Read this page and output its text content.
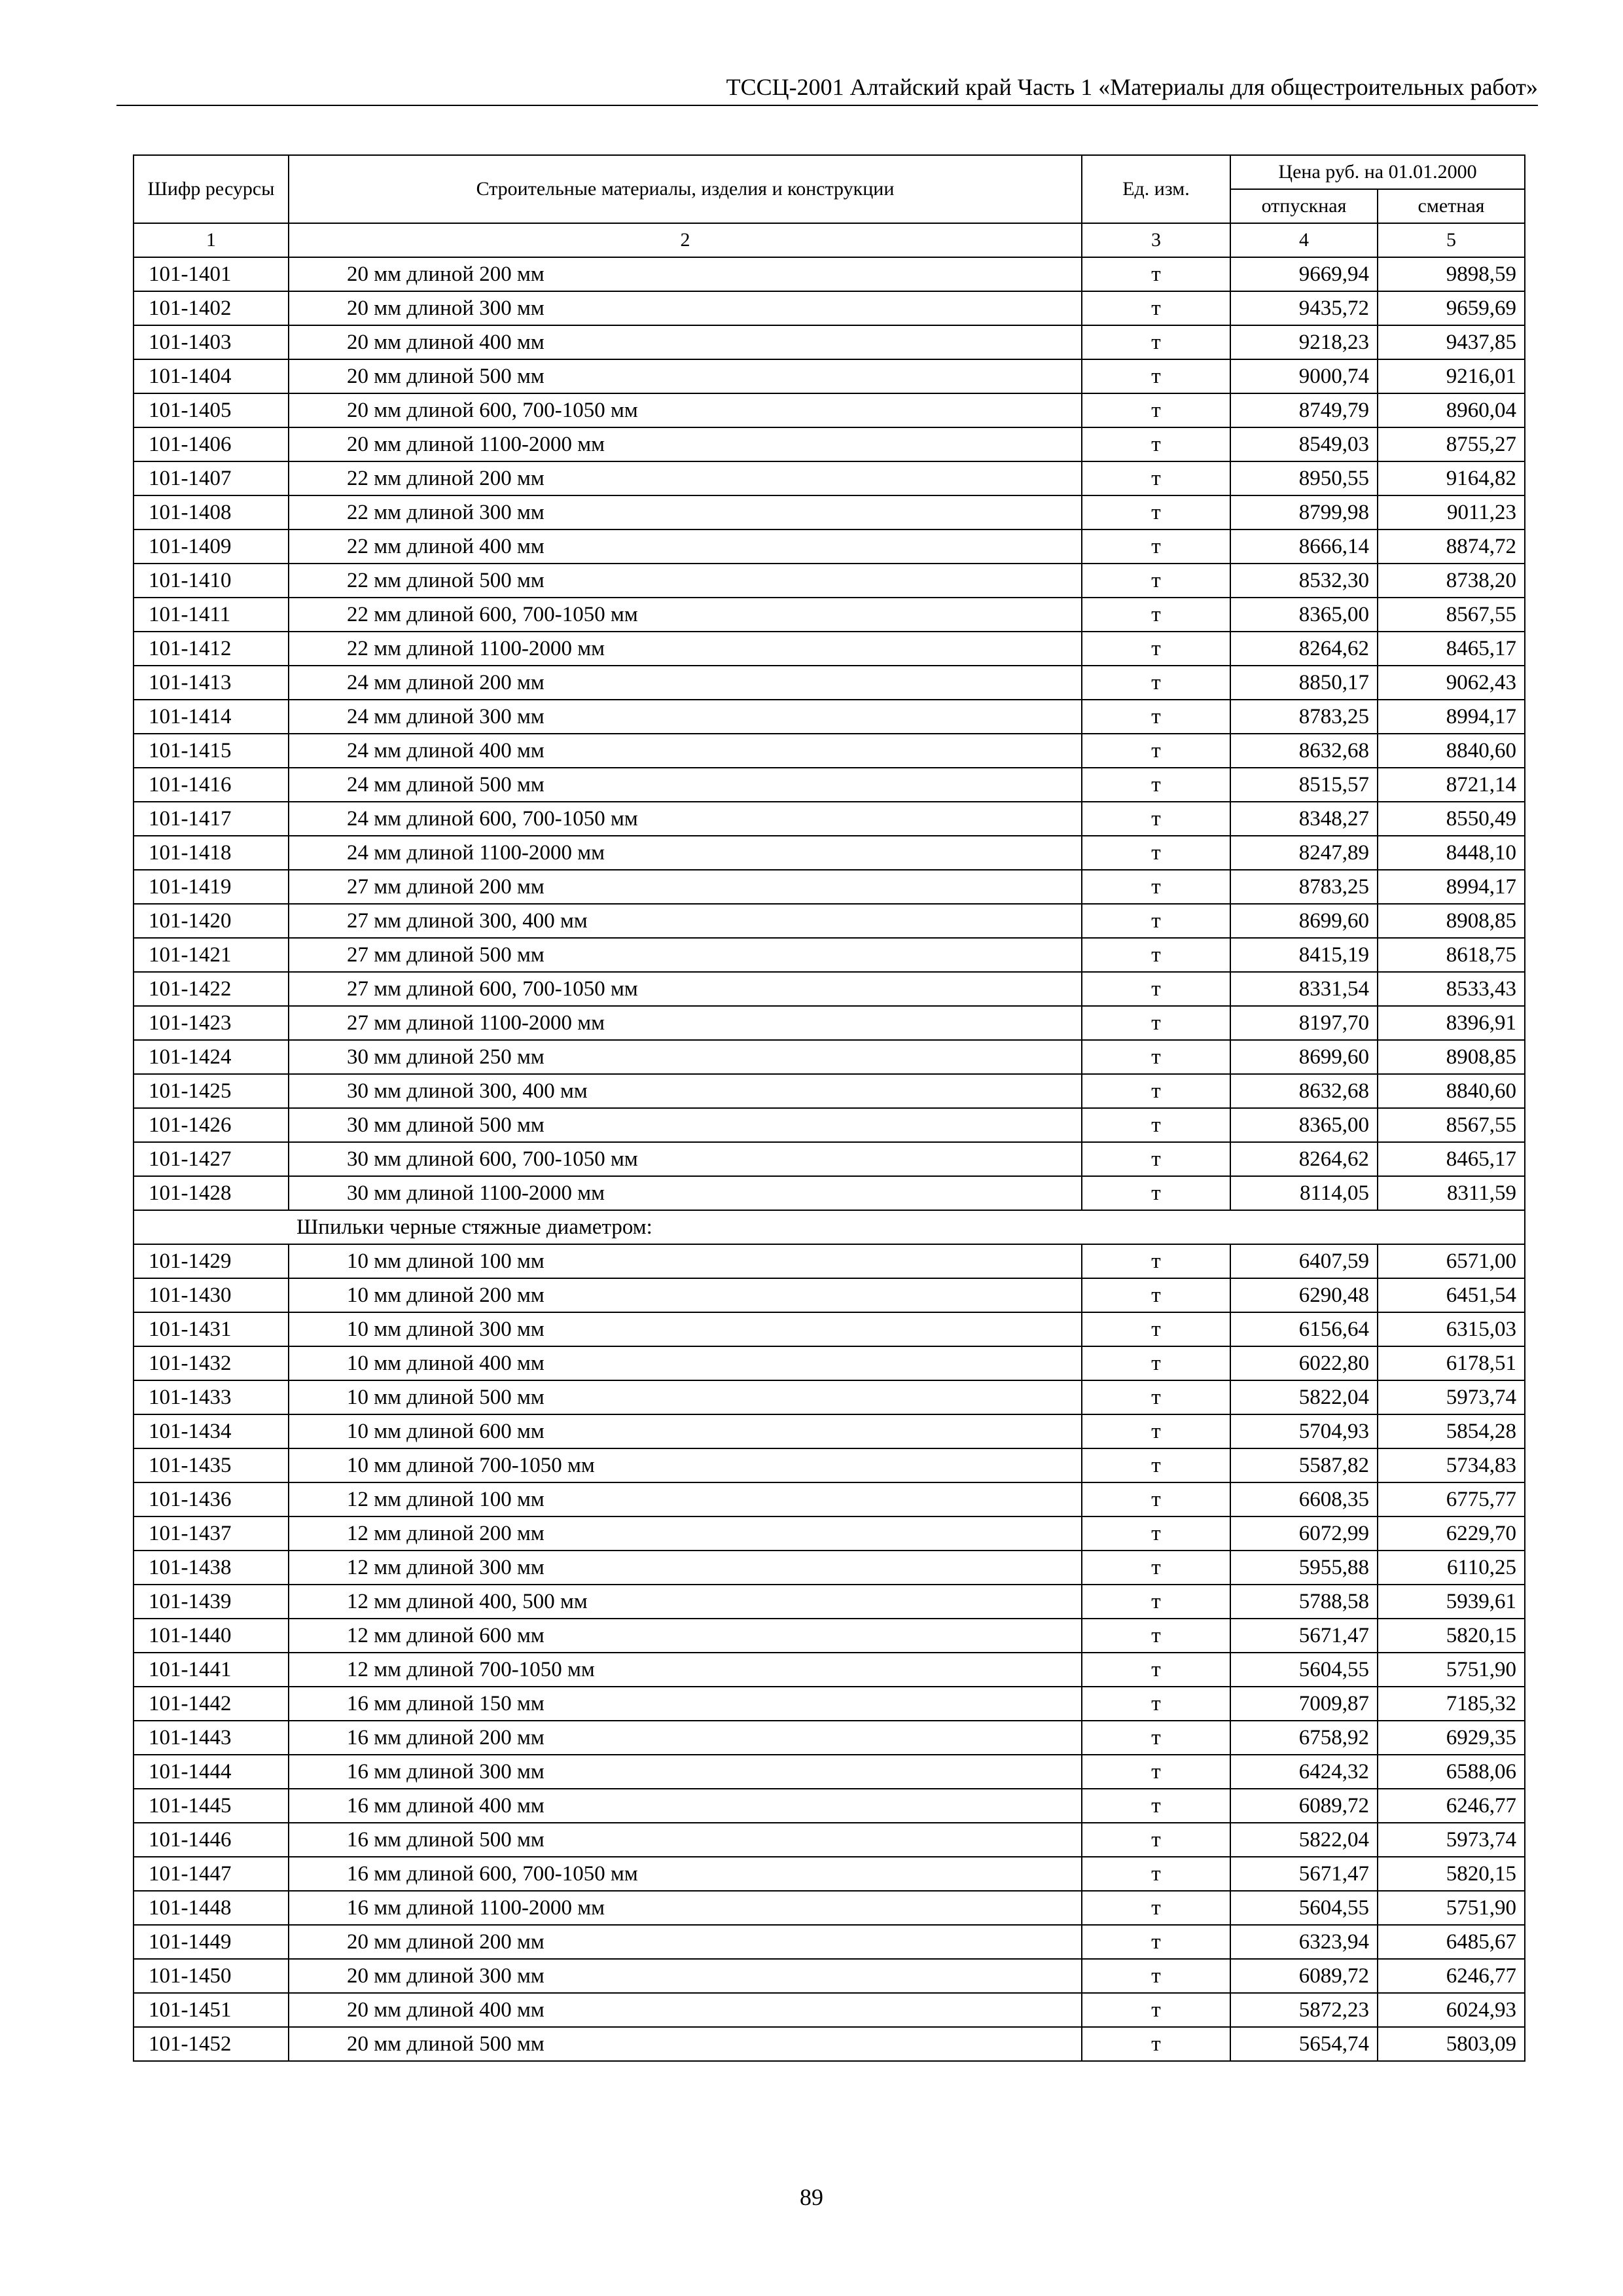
ТССЦ-2001 Алтайский край Часть 1 «Материалы для общестроительных работ»
Шифр ресурсы	Строительные материалы, изделия и конструкции	Ед. изм.	Цена руб. на 01.01.2000	
			отпускная	сметная
1	2	3	4	5
101-1401	20 мм длиной 200 мм	т	9669,94	9898,59
101-1402	20 мм длиной 300 мм	т	9435,72	9659,69
101-1403	20 мм длиной 400 мм	т	9218,23	9437,85
101-1404	20 мм длиной 500 мм	т	9000,74	9216,01
101-1405	20 мм длиной 600, 700-1050 мм	т	8749,79	8960,04
101-1406	20 мм длиной 1100-2000 мм	т	8549,03	8755,27
101-1407	22 мм длиной 200 мм	т	8950,55	9164,82
101-1408	22 мм длиной 300 мм	т	8799,98	9011,23
101-1409	22 мм длиной 400 мм	т	8666,14	8874,72
101-1410	22 мм длиной 500 мм	т	8532,30	8738,20
101-1411	22 мм длиной 600, 700-1050 мм	т	8365,00	8567,55
101-1412	22 мм длиной 1100-2000 мм	т	8264,62	8465,17
101-1413	24 мм длиной 200 мм	т	8850,17	9062,43
101-1414	24 мм длиной 300 мм	т	8783,25	8994,17
101-1415	24 мм длиной 400 мм	т	8632,68	8840,60
101-1416	24 мм длиной 500 мм	т	8515,57	8721,14
101-1417	24 мм длиной 600, 700-1050 мм	т	8348,27	8550,49
101-1418	24 мм длиной 1100-2000 мм	т	8247,89	8448,10
101-1419	27 мм длиной 200 мм	т	8783,25	8994,17
101-1420	27 мм длиной 300, 400 мм	т	8699,60	8908,85
101-1421	27 мм длиной 500 мм	т	8415,19	8618,75
101-1422	27 мм длиной 600, 700-1050 мм	т	8331,54	8533,43
101-1423	27 мм длиной 1100-2000 мм	т	8197,70	8396,91
101-1424	30 мм длиной 250 мм	т	8699,60	8908,85
101-1425	30 мм длиной 300, 400 мм	т	8632,68	8840,60
101-1426	30 мм длиной 500 мм	т	8365,00	8567,55
101-1427	30 мм длиной 600, 700-1050 мм	т	8264,62	8465,17
101-1428	30 мм длиной 1100-2000 мм	т	8114,05	8311,59
	Шпильки черные стяжные диаметром:			
101-1429	10 мм длиной 100 мм	т	6407,59	6571,00
101-1430	10 мм длиной 200 мм	т	6290,48	6451,54
101-1431	10 мм длиной 300 мм	т	6156,64	6315,03
101-1432	10 мм длиной 400 мм	т	6022,80	6178,51
101-1433	10 мм длиной 500 мм	т	5822,04	5973,74
101-1434	10 мм длиной 600 мм	т	5704,93	5854,28
101-1435	10 мм длиной 700-1050 мм	т	5587,82	5734,83
101-1436	12 мм длиной 100 мм	т	6608,35	6775,77
101-1437	12 мм длиной 200 мм	т	6072,99	6229,70
101-1438	12 мм длиной 300 мм	т	5955,88	6110,25
101-1439	12 мм длиной 400, 500 мм	т	5788,58	5939,61
101-1440	12 мм длиной 600 мм	т	5671,47	5820,15
101-1441	12 мм длиной 700-1050 мм	т	5604,55	5751,90
101-1442	16 мм длиной 150 мм	т	7009,87	7185,32
101-1443	16 мм длиной 200 мм	т	6758,92	6929,35
101-1444	16 мм длиной 300 мм	т	6424,32	6588,06
101-1445	16 мм длиной 400 мм	т	6089,72	6246,77
101-1446	16 мм длиной 500 мм	т	5822,04	5973,74
101-1447	16 мм длиной 600, 700-1050 мм	т	5671,47	5820,15
101-1448	16 мм длиной 1100-2000 мм	т	5604,55	5751,90
101-1449	20 мм длиной 200 мм	т	6323,94	6485,67
101-1450	20 мм длиной 300 мм	т	6089,72	6246,77
101-1451	20 мм длиной 400 мм	т	5872,23	6024,93
101-1452	20 мм длиной 500 мм	т	5654,74	5803,09
89
